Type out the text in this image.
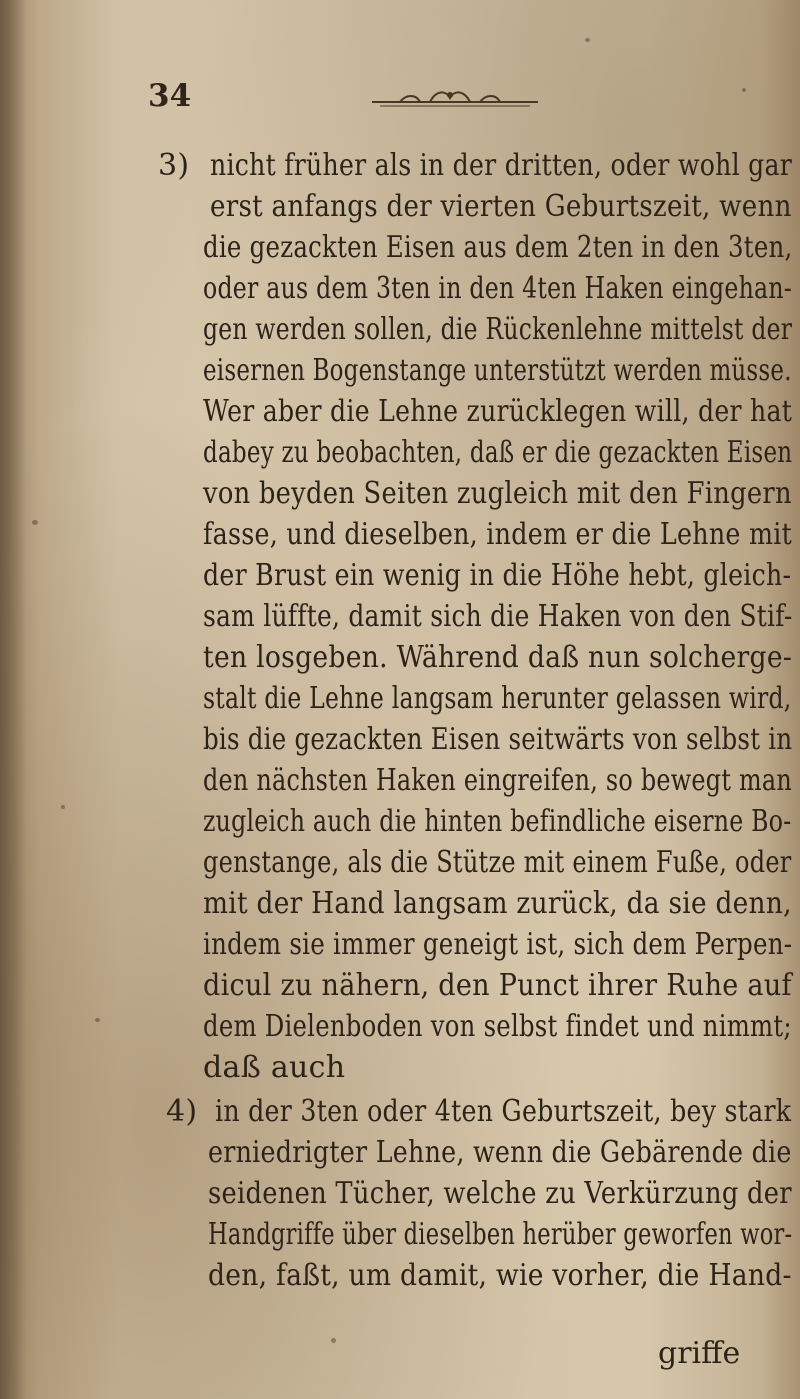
34
3) nicht früher als in der dritten, oder wohl gar
erst anfangs der vierten Geburtszeit, wenn
die gezackten Eisen aus dem 2ten in den 3ten,
oder aus dem 3ten in den 4ten Haken eingehan-
gen werden sollen, die Rückenlehne mittelst der
eisernen Bogenstange unterstützt werden müsse.
Wer aber die Lehne zurücklegen will, der hat
dabey zu beobachten, daß er die gezackten Eisen
von beyden Seiten zugleich mit den Fingern
fasse, und dieselben, indem er die Lehne mit
der Brust ein wenig in die Höhe hebt, gleich-
sam lüffte, damit sich die Haken von den Stif-
ten losgeben. Während daß nun solcherge-
stalt die Lehne langsam herunter gelassen wird,
bis die gezackten Eisen seitwärts von selbst in
den nächsten Haken eingreifen, so bewegt man
zugleich auch die hinten befindliche eiserne Bo-
genstange, als die Stütze mit einem Fuße, oder
mit der Hand langsam zurück, da sie denn,
indem sie immer geneigt ist, sich dem Perpen-
dicul zu nähern, den Punct ihrer Ruhe auf
dem Dielenboden von selbst findet und nimmt;
daß auch
4) in der 3ten oder 4ten Geburtszeit, bey stark
erniedrigter Lehne, wenn die Gebärende die
seidenen Tücher, welche zu Verkürzung der
Handgriffe über dieselben herüber geworfen wor-
den, faßt, um damit, wie vorher, die Hand-
griffe
